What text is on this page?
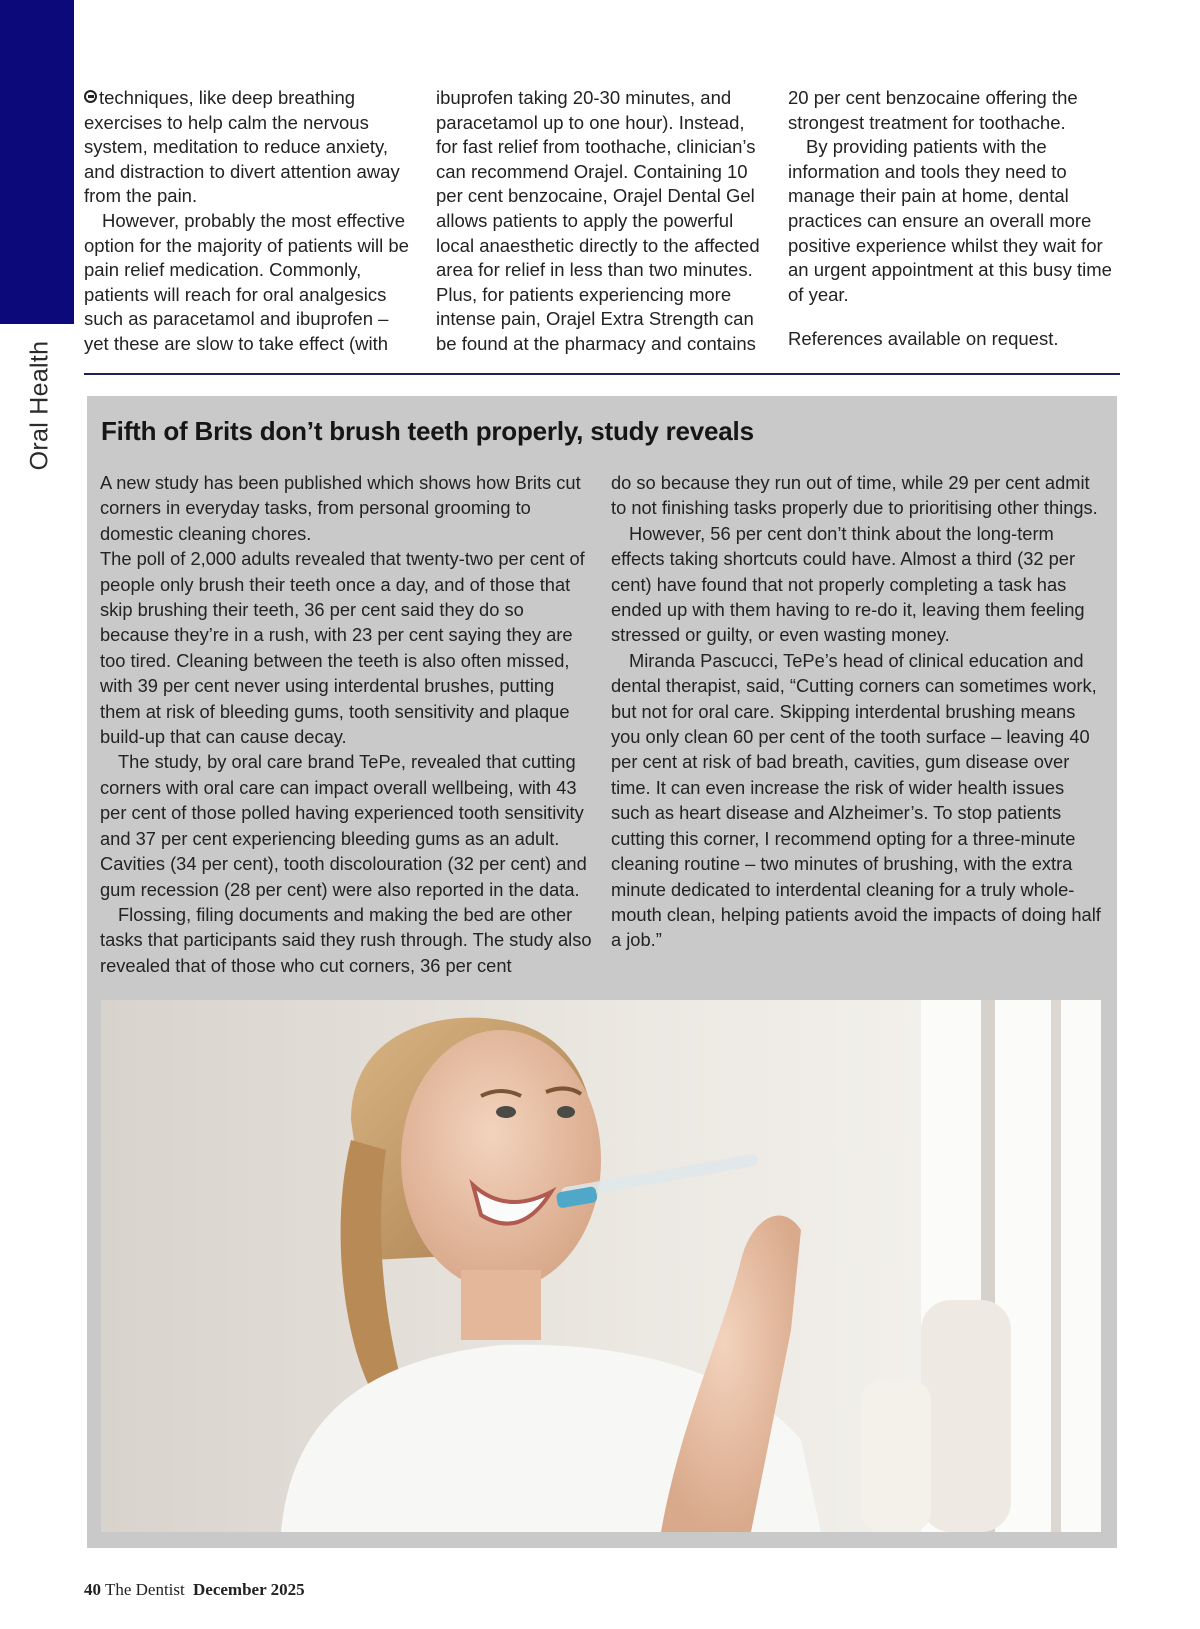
Oral Health

techniques, like deep breathing exercises to help calm the nervous system, meditation to reduce anxiety, and distraction to divert attention away from the pain.

However, probably the most effective option for the majority of patients will be pain relief medication. Commonly, patients will reach for oral analgesics such as paracetamol and ibuprofen – yet these are slow to take effect (with

ibuprofen taking 20-30 minutes, and paracetamol up to one hour). Instead, for fast relief from toothache, clinician’s can recommend Orajel. Containing 10 per cent benzocaine, Orajel Dental Gel allows patients to apply the powerful local anaesthetic directly to the affected area for relief in less than two minutes. Plus, for patients experiencing more intense pain, Orajel Extra Strength can be found at the pharmacy and contains

20 per cent benzocaine offering the strongest treatment for toothache.

By providing patients with the information and tools they need to manage their pain at home, dental practices can ensure an overall more positive experience whilst they wait for an urgent appointment at this busy time of year.

References available on request.

Fifth of Brits don’t brush teeth properly, study reveals

A new study has been published which shows how Brits cut corners in everyday tasks, from personal grooming to domestic cleaning chores.

The poll of 2,000 adults revealed that twenty-two per cent of people only brush their teeth once a day, and of those that skip brushing their teeth, 36 per cent said they do so because they’re in a rush, with 23 per cent saying they are too tired. Cleaning between the teeth is also often missed, with 39 per cent never using interdental brushes, putting them at risk of bleeding gums, tooth sensitivity and plaque build-up that can cause decay.

The study, by oral care brand TePe, revealed that cutting corners with oral care can impact overall wellbeing, with 43 per cent of those polled having experienced tooth sensitivity and 37 per cent experiencing bleeding gums as an adult. Cavities (34 per cent), tooth discolouration (32 per cent) and gum recession (28 per cent) were also reported in the data.

Flossing, filing documents and making the bed are other tasks that participants said they rush through. The study also revealed that of those who cut corners, 36 per cent

do so because they run out of time, while 29 per cent admit to not finishing tasks properly due to prioritising other things.

However, 56 per cent don’t think about the long-term effects taking shortcuts could have. Almost a third (32 per cent) have found that not properly completing a task has ended up with them having to re-do it, leaving them feeling stressed or guilty, or even wasting money.

Miranda Pascucci, TePe’s head of clinical education and dental therapist, said, “Cutting corners can sometimes work, but not for oral care. Skipping interdental brushing means you only clean 60 per cent of the tooth surface – leaving 40 per cent at risk of bad breath, cavities, gum disease over time. It can even increase the risk of wider health issues such as heart disease and Alzheimer’s. To stop patients cutting this corner, I recommend opting for a three-minute cleaning routine – two minutes of brushing, with the extra minute dedicated to interdental cleaning for a truly whole-mouth clean, helping patients avoid the impacts of doing half a job.”

40 The Dentist December 2025
